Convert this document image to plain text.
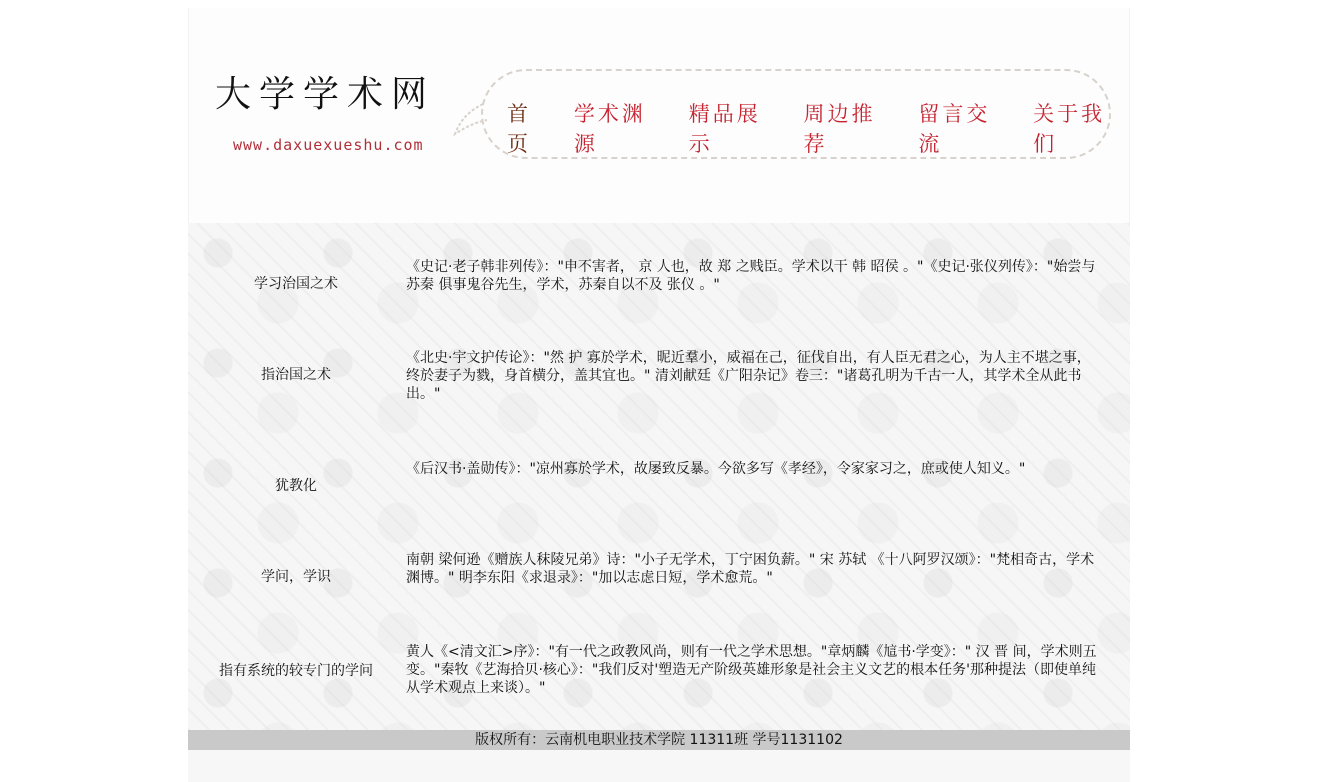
大学学术网
www.daxuexueshu.com
首页
学术渊源
精品展示
周边推荐
留言交流
关于我们
学习治国之术
《史记·老子韩非列传》："申不害者， 京 人也，故 郑 之贱臣。学术以干 韩 昭侯 。"《史记·张仪列传》："始尝与 苏秦 俱事鬼谷先生，学术，苏秦自以不及 张仪 。"
指治国之术
《北史·宇文护传论》："然 护 寡於学术，昵近羣小，威福在己，征伐自出，有人臣无君之心，为人主不堪之事，终於妻子为戮，身首横分，盖其宜也。" 清刘献廷《广阳杂记》卷三："诸葛孔明为千古一人，其学术全从此书出。"
犹教化
《后汉书·盖勋传》："凉州寡於学术，故屡致反暴。今欲多写《孝经》，令家家习之，庶或使人知义。"
学问，学识
南朝 梁何逊《赠族人秣陵兄弟》诗："小子无学术，丁宁困负薪。" 宋 苏轼 《十八阿罗汉颂》："梵相奇古，学术渊博。" 明李东阳《求退录》："加以志虑日短，学术愈荒。"
指有系统的较专门的学问
黄人《<清文汇>序》："有一代之政教风尚，则有一代之学术思想。"章炳麟《訄书·学变》：" 汉 晋 间，学术则五变。"秦牧《艺海拾贝·核心》："我们反对'塑造无产阶级英雄形象是社会主义文艺的根本任务'那种提法（即使单纯从学术观点上来谈）。"
版权所有：云南机电职业技术学院 11311班 学号1131102
